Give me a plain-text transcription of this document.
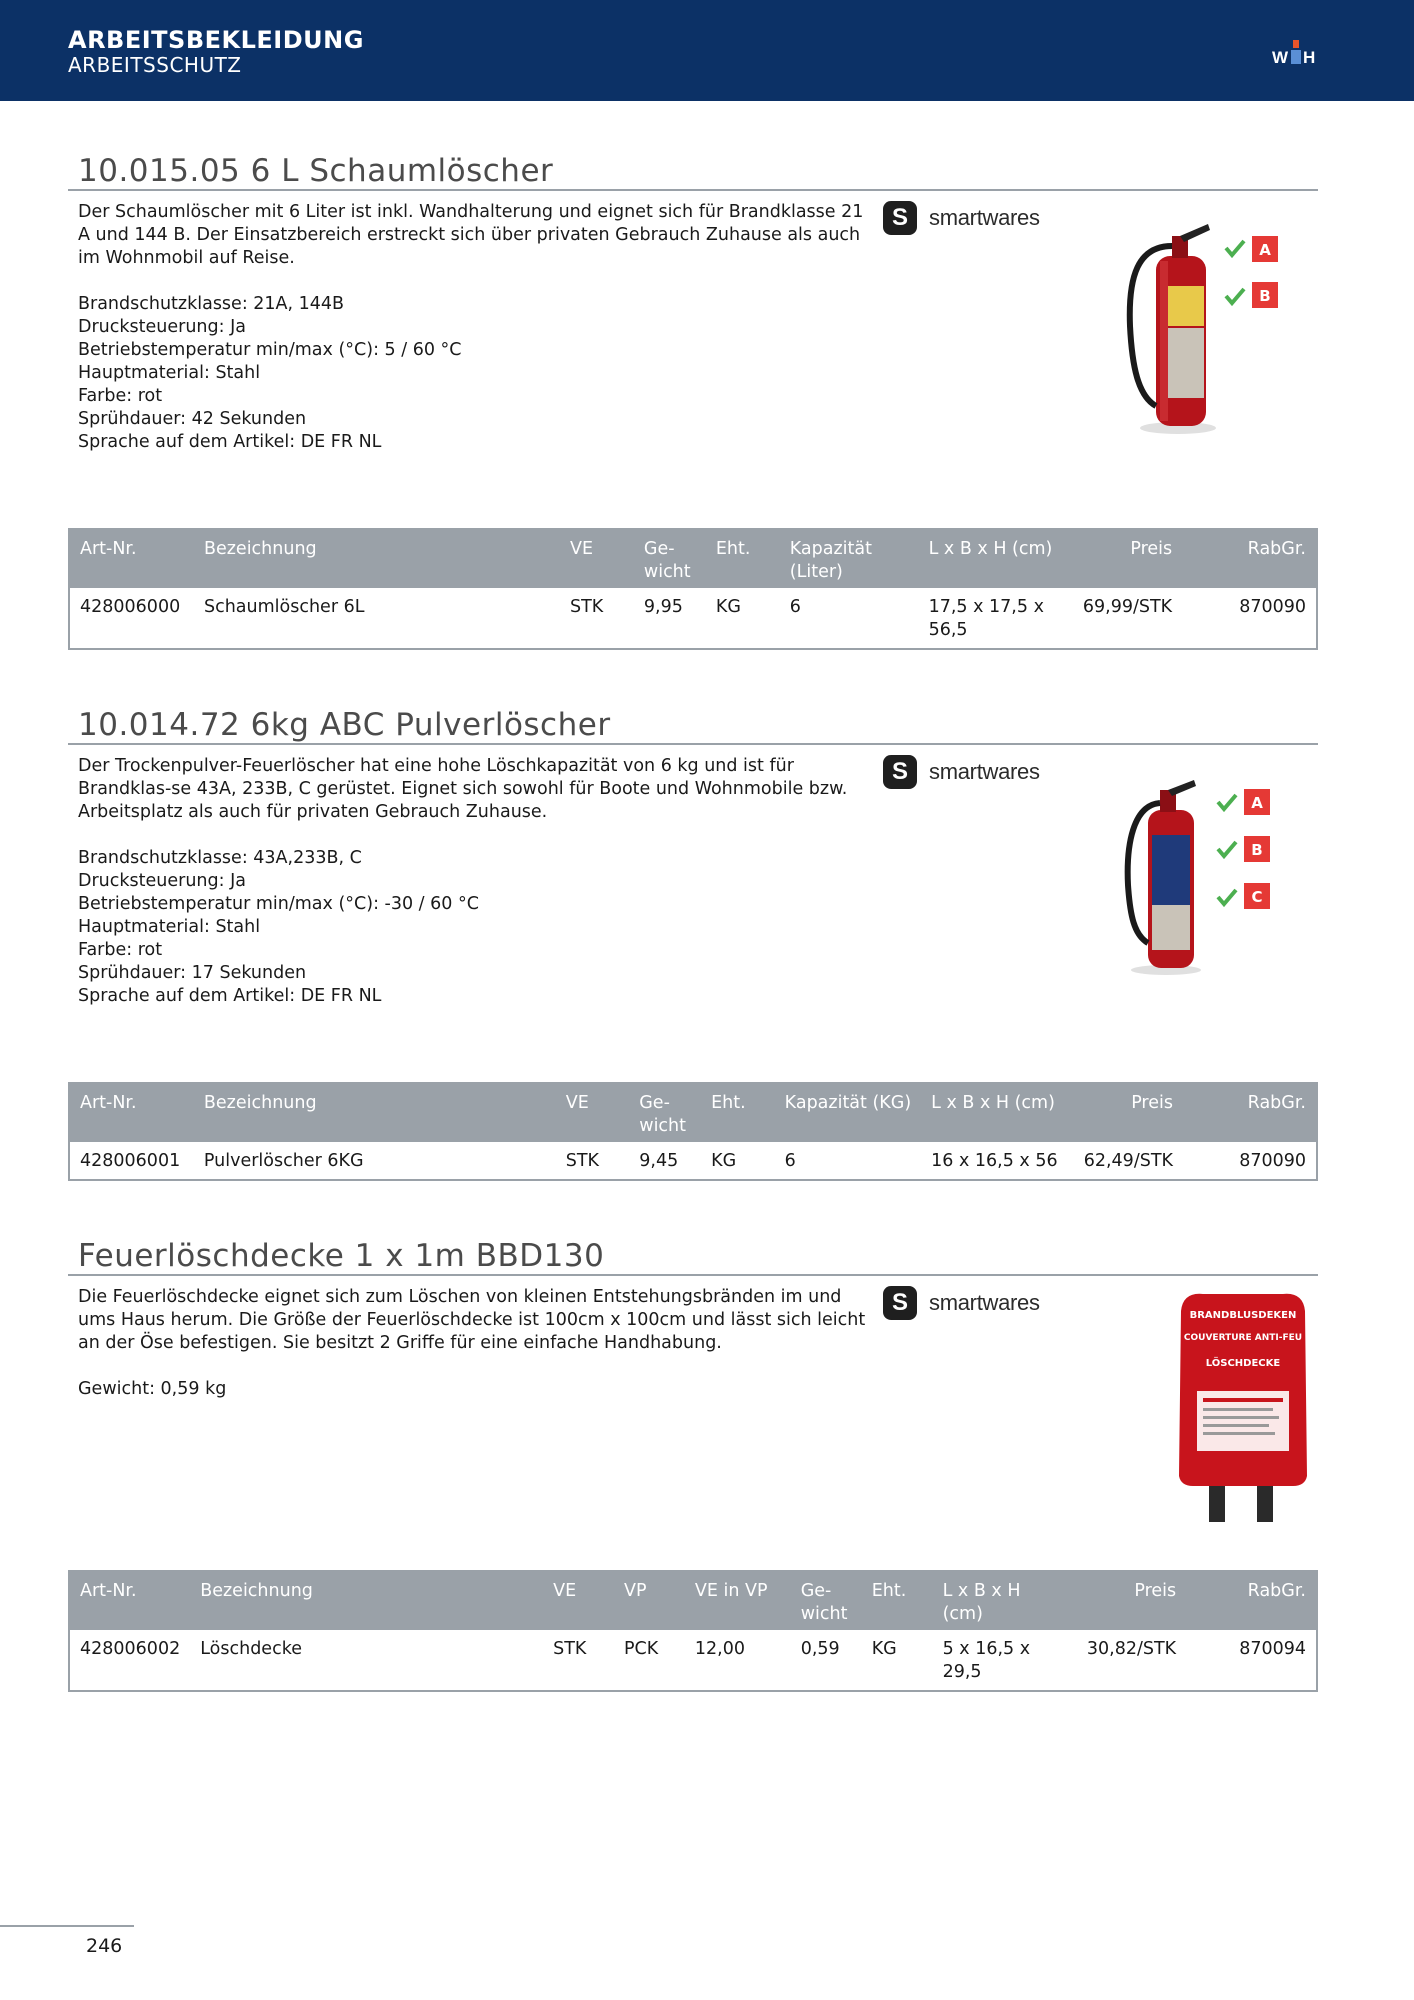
ARBEITSBEKLEIDUNG
ARBEITSSCHUTZ	W H
10.015.05 6 L Schaumlöscher

Der Schaumlöscher mit 6 Liter ist inkl. Wandhalterung und eignet sich für Brandklasse 21 A und 144 B. Der Einsatzbereich erstreckt sich über privaten Gebrauch Zuhause als auch im Wohnmobil auf Reise.

Brandschutzklasse: 21A, 144B
Drucksteuerung: Ja
Betriebstemperatur min/max (°C): 5 / 60 °C
Hauptmaterial: Stahl
Farbe: rot
Sprühdauer: 42 Sekunden
Sprache auf dem Artikel: DE FR NL
S smartwares
A
B
Art-Nr.	Bezeichnung	VE	Ge-
wicht	Eht.	Kapazität
(Liter)	L x B x H (cm)	Preis	RabGr.
428006000	Schaumlöscher 6L	STK	9,95	KG	6	17,5 x 17,5 x
56,5	69,99/STK	870090
10.014.72 6kg ABC Pulverlöscher

Der Trockenpulver-Feuerlöscher hat eine hohe Löschkapazität von 6 kg und ist für Brandklas-se 43A, 233B, C gerüstet. Eignet sich sowohl für Boote und Wohnmobile bzw. Arbeitsplatz als auch für privaten Gebrauch Zuhause.

Brandschutzklasse: 43A,233B, C
Drucksteuerung: Ja
Betriebstemperatur min/max (°C): -30 / 60 °C
Hauptmaterial: Stahl
Farbe: rot
Sprühdauer: 17 Sekunden
Sprache auf dem Artikel: DE FR NL
S smartwares
A
B
C
Art-Nr.	Bezeichnung	VE	Ge-
wicht	Eht.	Kapazität (KG)	L x B x H (cm)	Preis	RabGr.
428006001	Pulverlöscher 6KG	STK	9,45	KG	6	16 x 16,5 x 56	62,49/STK	870090
Feuerlöschdecke 1 x 1m BBD130

Die Feuerlöschdecke eignet sich zum Löschen von kleinen Entstehungsbränden im und ums Haus herum. Die Größe der Feuerlöschdecke ist 100cm x 100cm und lässt sich leicht an der Öse befestigen. Sie besitzt 2 Griffe für eine einfache Handhabung.

Gewicht: 0,59 kg
S smartwares
BRANDBLUSDEKEN
COUVERTURE ANTI-FEU
LÖSCHDECKE
Art-Nr.	Bezeichnung	VE	VP	VE in VP	Ge-
wicht	Eht.	L x B x H
(cm)	Preis	RabGr.
428006002	Löschdecke	STK	PCK	12,00	0,59	KG	5 x 16,5 x
29,5	30,82/STK	870094
246
